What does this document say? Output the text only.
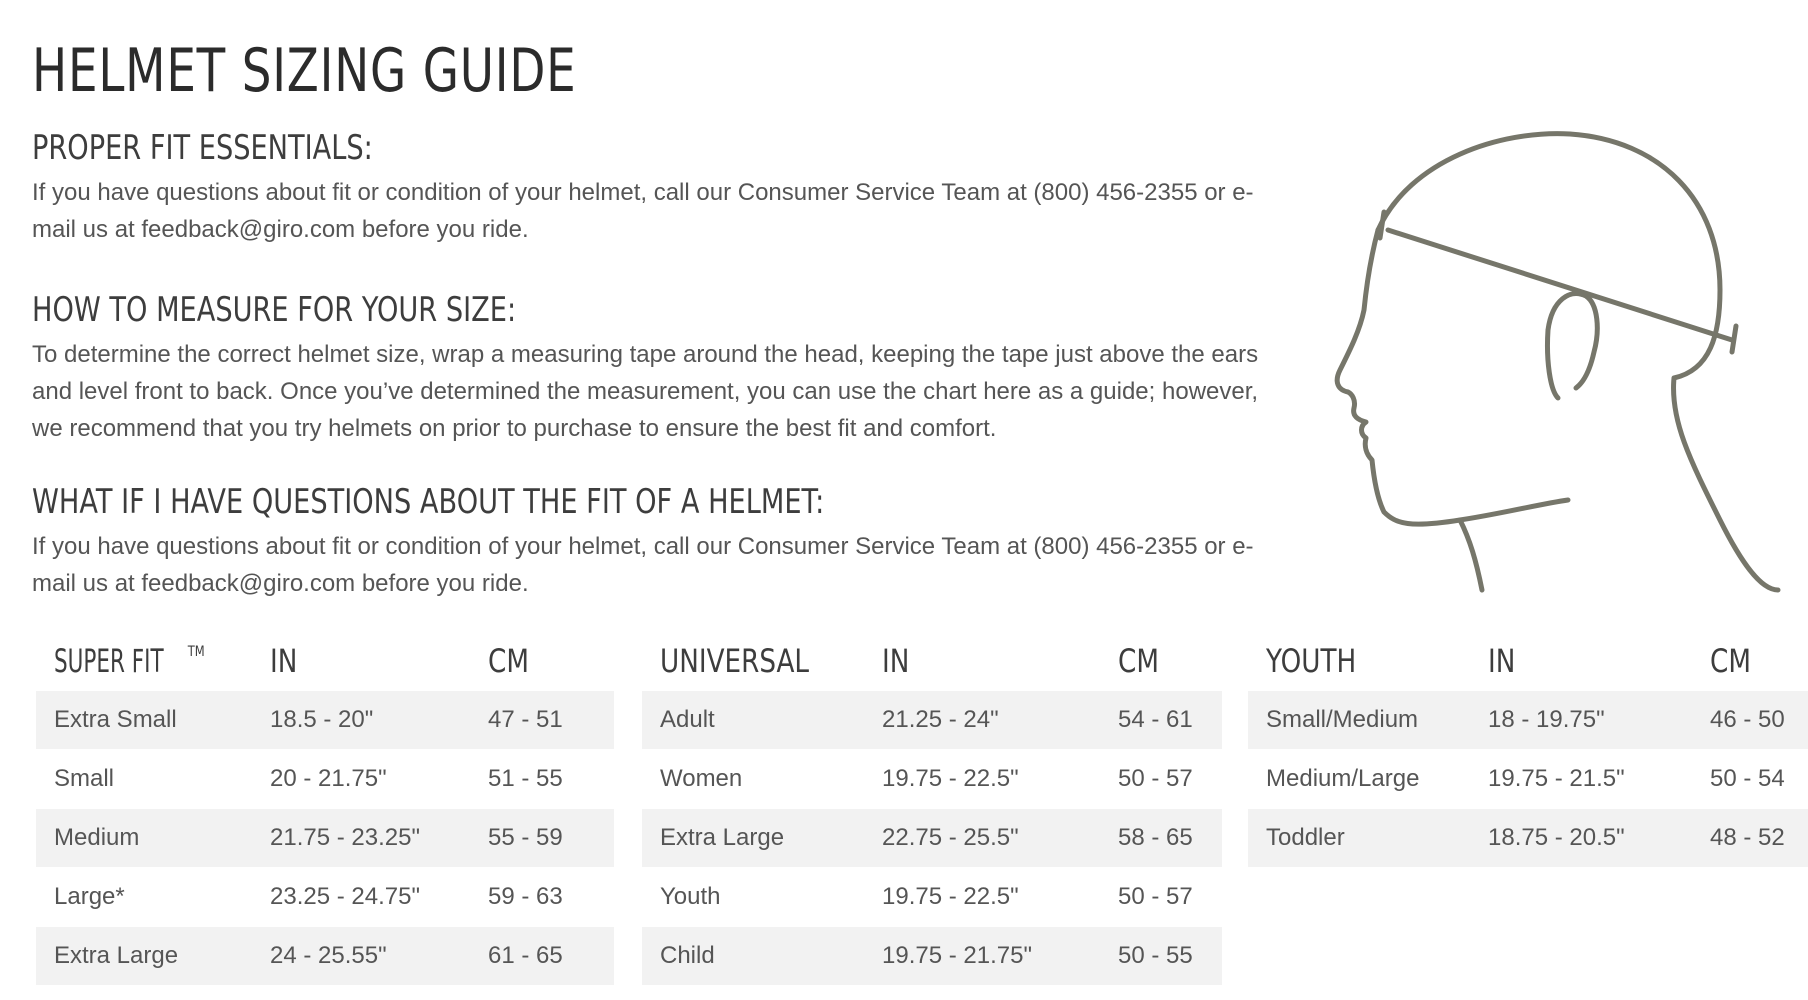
HELMET SIZING GUIDE
PROPER FIT ESSENTIALS:

If you have questions about fit or condition of your helmet, call our Consumer Service Team at (800) 456-2355 or e-mail us at feedback@giro.com before you ride.

HOW TO MEASURE FOR YOUR SIZE:

To determine the correct helmet size, wrap a measuring tape around the head, keeping the tape just above the ears and level front to back. Once you’ve determined the measurement, you can use the chart here as a guide; however, we recommend that you try helmets on prior to purchase to ensure the best fit and comfort.

WHAT IF I HAVE QUESTIONS ABOUT THE FIT OF A HELMET:

If you have questions about fit or condition of your helmet, call our Consumer Service Team at (800) 456-2355 or e-mail us at feedback@giro.com before you ride.

SUPER FIT ™	IN	CM
Extra Small	18.5 - 20"	47 - 51
Small	20 - 21.75"	51 - 55
Medium	21.75 - 23.25"	55 - 59
Large*	23.25 - 24.75"	59 - 63
Extra Large	24 - 25.55"	61 - 65
UNIVERSAL	IN	CM
Adult	21.25 - 24"	54 - 61
Women	19.75 - 22.5"	50 - 57
Extra Large	22.75 - 25.5"	58 - 65
Youth	19.75 - 22.5"	50 - 57
Child	19.75 - 21.75"	50 - 55
YOUTH	IN	CM
Small/Medium	18 - 19.75"	46 - 50
Medium/Large	19.75 - 21.5"	50 - 54
Toddler	18.75 - 20.5"	48 - 52
